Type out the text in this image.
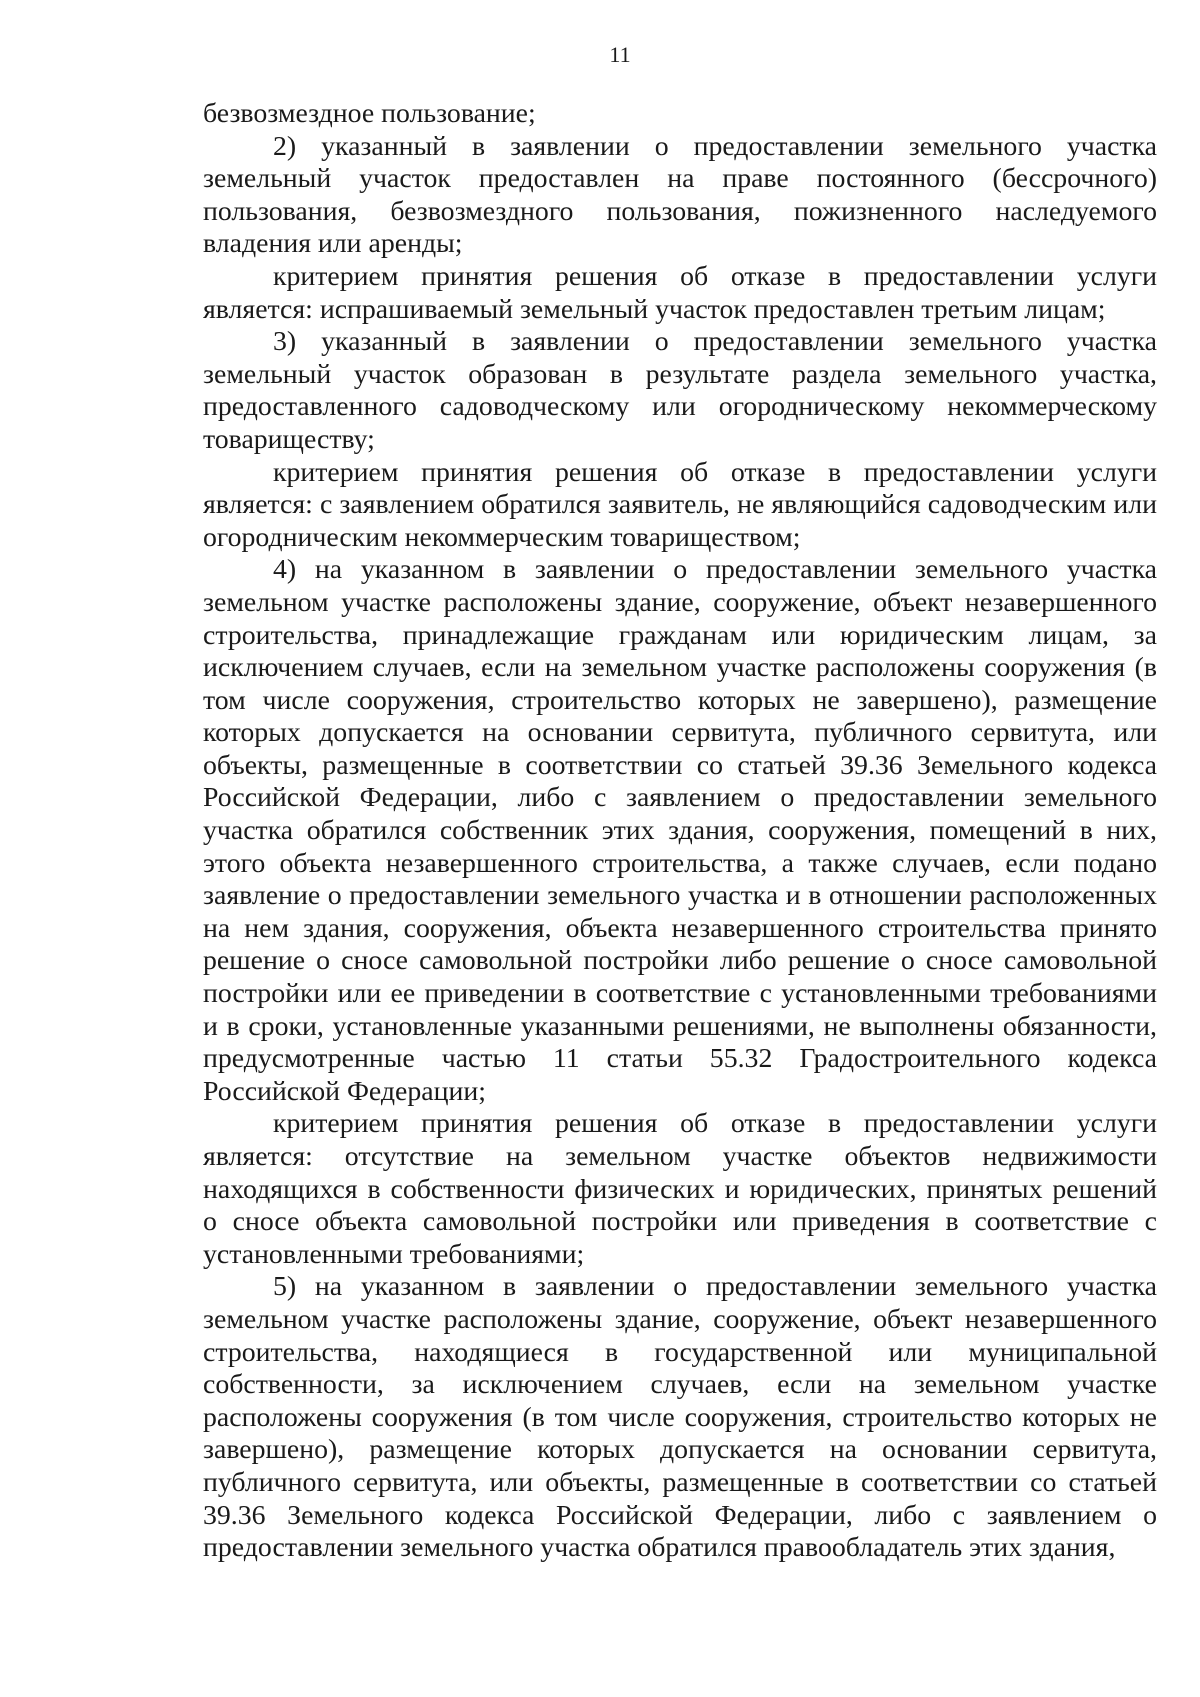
11

безвозмездное пользование;

2) указанный в заявлении о предоставлении земельного участка земельный участок предоставлен на праве постоянного (бессрочного) пользования, безвозмездного пользования, пожизненного наследуемого владения или аренды;

критерием принятия решения об отказе в предоставлении услуги является: испрашиваемый земельный участок предоставлен третьим лицам;

3) указанный в заявлении о предоставлении земельного участка земельный участок образован в результате раздела земельного участка, предоставленного садоводческому или огородническому некоммерческому товариществу;

критерием принятия решения об отказе в предоставлении услуги является: с заявлением обратился заявитель, не являющийся садоводческим или огородническим некоммерческим товариществом;

4) на указанном в заявлении о предоставлении земельного участка земельном участке расположены здание, сооружение, объект незавершенного строительства, принадлежащие гражданам или юридическим лицам, за исключением случаев, если на земельном участке расположены сооружения (в том числе сооружения, строительство которых не завершено), размещение которых допускается на основании сервитута, публичного сервитута, или объекты, размещенные в соответствии со статьей 39.36 Земельного кодекса Российской Федерации, либо с заявлением о предоставлении земельного участка обратился собственник этих здания, сооружения, помещений в них, этого объекта незавершенного строительства, а также случаев, если подано заявление о предоставлении земельного участка и в отношении расположенных на нем здания, сооружения, объекта незавершенного строительства принято решение о сносе самовольной постройки либо решение о сносе самовольной постройки или ее приведении в соответствие с установленными требованиями и в сроки, установленные указанными решениями, не выполнены обязанности, предусмотренные частью 11 статьи 55.32 Градостроительного кодекса Российской Федерации;

критерием принятия решения об отказе в предоставлении услуги является: отсутствие на земельном участке объектов недвижимости находящихся в собственности физических и юридических, принятых решений о сносе объекта самовольной постройки или приведения в соответствие с установленными требованиями;

5) на указанном в заявлении о предоставлении земельного участка земельном участке расположены здание, сооружение, объект незавершенного строительства, находящиеся в государственной или муниципальной собственности, за исключением случаев, если на земельном участке расположены сооружения (в том числе сооружения, строительство которых не завершено), размещение которых допускается на основании сервитута, публичного сервитута, или объекты, размещенные в соответствии со статьей 39.36 Земельного кодекса Российской Федерации, либо с заявлением о предоставлении земельного участка обратился правообладатель этих здания,
